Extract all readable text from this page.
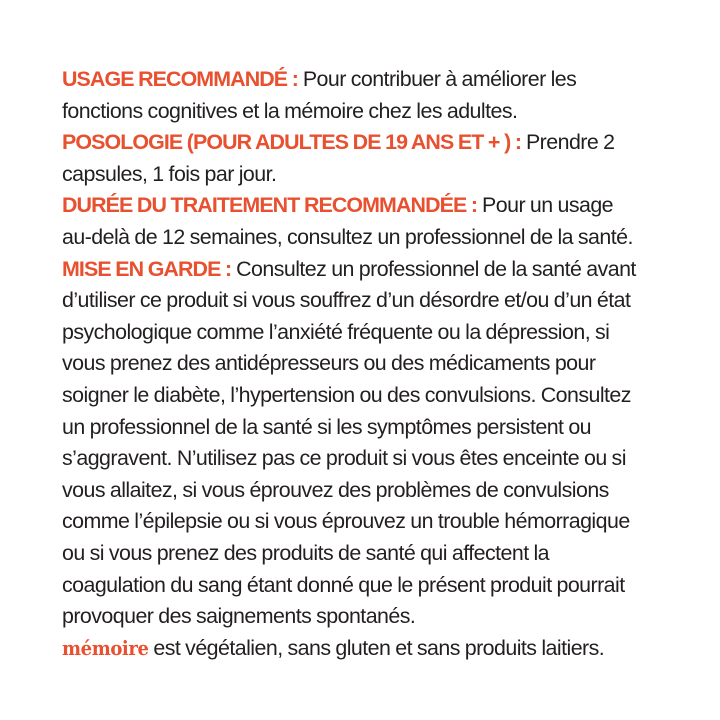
USAGE RECOMMANDÉ : Pour contribuer à améliorer les
fonctions cognitives et la mémoire chez les adultes.

POSOLOGIE (POUR ADULTES DE 19 ANS ET + ) : Prendre 2
capsules, 1 fois par jour.

DURÉE DU TRAITEMENT RECOMMANDÉE : Pour un usage
au-delà de 12 semaines, consultez un professionnel de la santé.

MISE EN GARDE : Consultez un professionnel de la santé avant
d’utiliser ce produit si vous souffrez d’un désordre et/ou d’un état
psychologique comme l’anxiété fréquente ou la dépression, si
vous prenez des antidépresseurs ou des médicaments pour
soigner le diabète, l’hypertension ou des convulsions. Consultez
un professionnel de la santé si les symptômes persistent ou
s’aggravent. N’utilisez pas ce produit si vous êtes enceinte ou si
vous allaitez, si vous éprouvez des problèmes de convulsions
comme l’épilepsie ou si vous éprouvez un trouble hémorragique
ou si vous prenez des produits de santé qui affectent la
coagulation du sang étant donné que le présent produit pourrait
provoquer des saignements spontanés.

mémoire est végétalien, sans gluten et sans produits laitiers.
